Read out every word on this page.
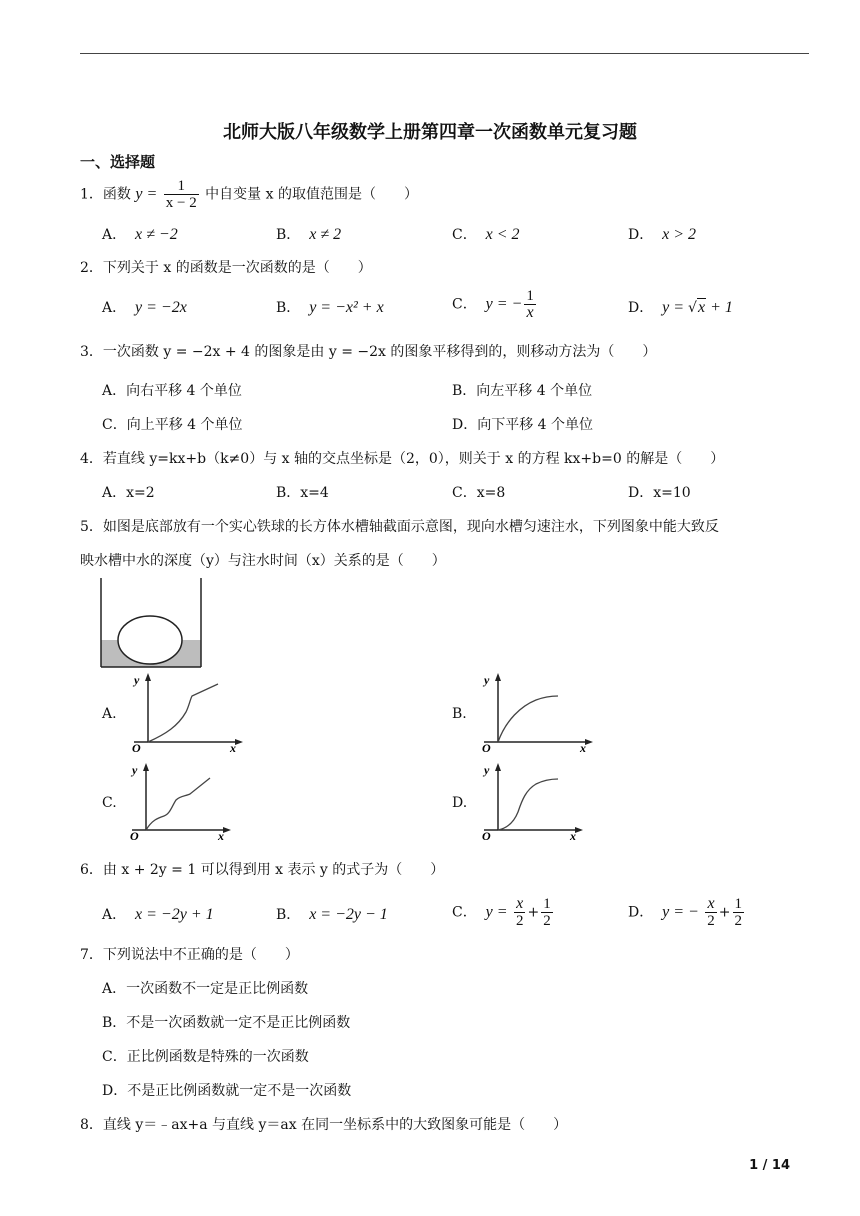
北师大版八年级数学上册第四章一次函数单元复习题
一、选择题
1．函数 $y = \frac{1}{x - 2}$ 中自变量 x 的取值范围是（　　）
A． x ≠ −2	B． x ≠ 2	C． x < 2	D． x > 2
2．下列关于 x 的函数是一次函数的是（　　）
A． y = −2x	B． y = −x² + x	C． y = − $\frac{1}{x}$	D． y = √x + 1
3．一次函数 y = −2x + 4 的图象是由 y = −2x 的图象平移得到的，则移动方法为（　　）
A．向右平移 4 个单位	B．向左平移 4 个单位
C．向上平移 4 个单位	D．向下平移 4 个单位
4．若直线 y=kx+b（k≠0）与 x 轴的交点坐标是（2，0），则关于 x 的方程 kx+b=0 的解是（　　）
A．x=2	B．x=4	C．x=8	D．x=10
5．如图是底部放有一个实心铁球的长方体水槽轴截面示意图，现向水槽匀速注水，下列图象中能大致反
映水槽中水的深度（y）与注水时间（x）关系的是（　　）
A.
y
x
O
B.
y
x
O
C.
y
x
O
D.
y
x
O
6．由 x + 2y = 1 可以得到用 x 表示 y 的式子为（　　）
A． x = −2y + 1	B． x = −2y − 1	C． $y = \frac{x}{2} + \frac{1}{2}$	D． y = − $\frac{x}{2} + \frac{1}{2}$
7．下列说法中不正确的是（　　）
A．一次函数不一定是正比例函数
B．不是一次函数就一定不是正比例函数
C．正比例函数是特殊的一次函数
D．不是正比例函数就一定不是一次函数
8．直线 y＝﹣ax+a 与直线 y＝ax 在同一坐标系中的大致图象可能是（　　）
1 / 14
